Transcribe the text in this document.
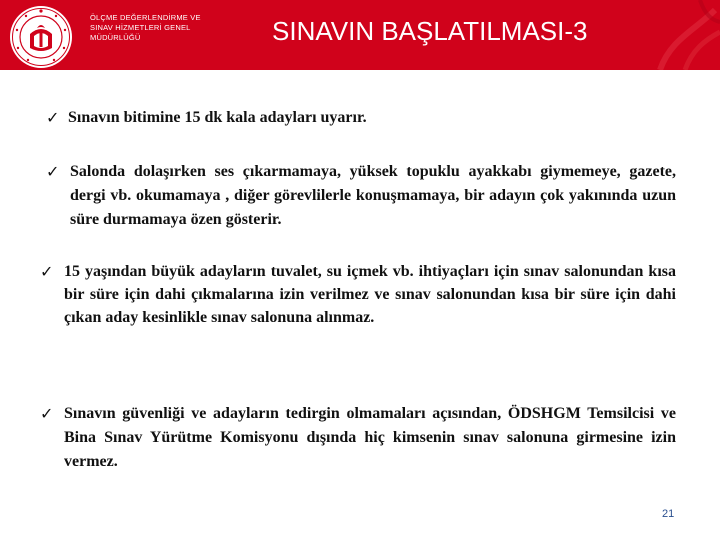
ÖLÇME DEĞERLENDİRME VE
SINAV HİZMETLERİ GENEL
MÜDÜRLÜĞÜ	SINAVIN BAŞLATILMASI-3
✓ Sınavın bitimine 15 dk kala adayları uyarır.
✓ Salonda dolaşırken ses çıkarmamaya, yüksek topuklu ayakkabı giymemeye, gazete, dergi vb. okumamaya , diğer görevlilerle konuşmamaya, bir adayın çok yakınında uzun süre durmamaya özen gösterir.
✓ 15 yaşından büyük adayların tuvalet, su içmek vb. ihtiyaçları için sınav salonundan kısa bir süre için dahi çıkmalarına izin verilmez ve sınav salonundan kısa bir süre için dahi çıkan aday kesinlikle sınav salonuna alınmaz.
✓ Sınavın güvenliği ve adayların tedirgin olmamaları açısından, ÖDSHGM Temsilcisi ve Bina Sınav Yürütme Komisyonu dışında hiç kimsenin sınav salonuna girmesine izin vermez.
21
